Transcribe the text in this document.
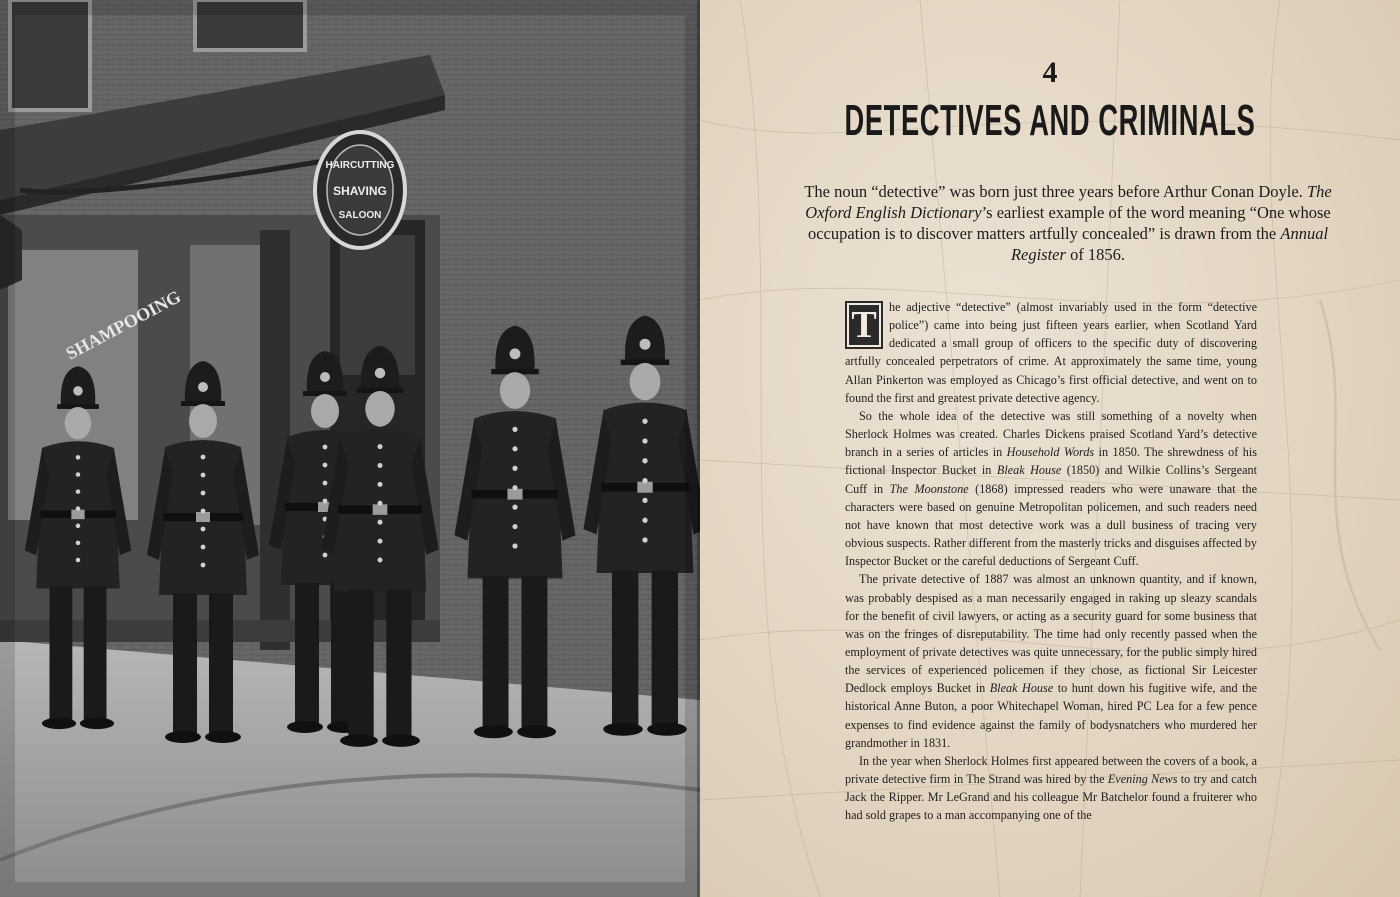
SHAMPOOING
HAIRCUTTING
SHAVING
SALOON
4
DETECTIVES AND CRIMINALS
The noun “detective” was born just three years before Arthur Conan Doyle. The Oxford English Dictionary’s earliest example of the word meaning “One whose occupation is to discover matters artfully concealed” is drawn from the Annual Register of 1856.

T	he adjective “detective” (almost invariably used in the form “detective police”) came into being just fifteen years earlier, when Scotland Yard dedicated a small group of officers to the specific duty of discovering artfully concealed perpetrators of crime. At approximately the same time, young Allan Pinkerton was employed as Chicago’s first official detective, and went on to found the first and greatest private detective agency.

So the whole idea of the detective was still something of a novelty when Sherlock Holmes was created. Charles Dickens praised Scotland Yard’s detective branch in a series of articles in Household Words in 1850. The shrewdness of his fictional Inspector Bucket in Bleak House (1850) and Wilkie Collins’s Sergeant Cuff in The Moonstone (1868) impressed readers who were unaware that the characters were based on genuine Metropolitan policemen, and such readers need not have known that most detective work was a dull business of tracing very obvious suspects. Rather different from the masterly tricks and disguises affected by Inspector Bucket or the careful deductions of Sergeant Cuff.

The private detective of 1887 was almost an unknown quantity, and if known, was probably despised as a man necessarily engaged in raking up sleazy scandals for the benefit of civil lawyers, or acting as a security guard for some business that was on the fringes of disreputability. The time had only recently passed when the employment of private detectives was quite unnecessary, for the public simply hired the services of experienced policemen if they chose, as fictional Sir Leicester Dedlock employs Bucket in Bleak House to hunt down his fugitive wife, and the historical Anne Buton, a poor Whitechapel Woman, hired PC Lea for a few pence expenses to find evidence against the family of bodysnatchers who murdered her grandmother in 1831.

In the year when Sherlock Holmes first appeared between the covers of a book, a private detective firm in The Strand was hired by the Evening News to try and catch Jack the Ripper. Mr LeGrand and his colleague Mr Batchelor found a fruiterer who had sold grapes to a man accompanying one of the
